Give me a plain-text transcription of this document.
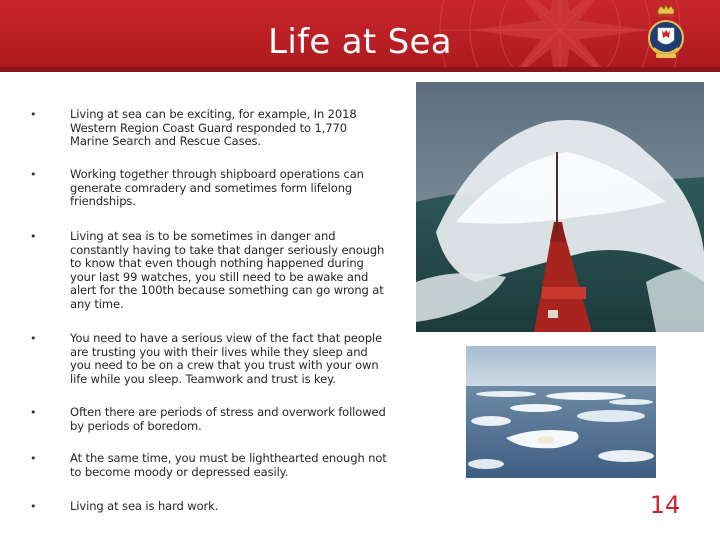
Life at Sea
•	Living at sea can be exciting, for example, In 2018 Western Region Coast Guard responded to 1,770 Marine Search and Rescue Cases.
•	Working together through shipboard operations can generate comradery and sometimes form lifelong friendships.
•	Living at sea is to be sometimes in danger and constantly having to take that danger seriously enough to know that even though nothing happened during your last 99 watches, you still need to be awake and alert for the 100th because something can go wrong at any time.
•	You need to have a serious view of the fact that people are trusting you with their lives while they sleep and you need to be on a crew that you trust with your own life while you sleep. Teamwork and trust is key.
•	Often there are periods of stress and overwork followed by periods of boredom.
•	At the same time, you must be lighthearted enough not to become moody or depressed easily.
•	Living at sea is hard work.	14
